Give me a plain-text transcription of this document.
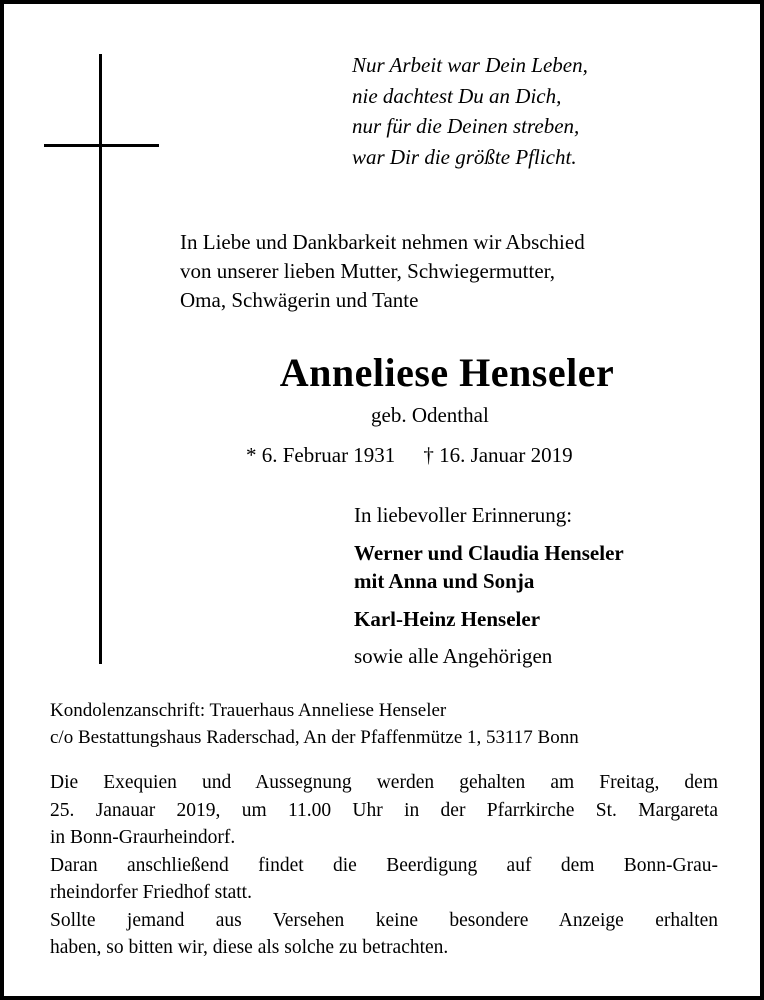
Nur Arbeit war Dein Leben,
nie dachtest Du an Dich,
nur für die Deinen streben,
war Dir die größte Pflicht.
In Liebe und Dankbarkeit nehmen wir Abschied
von unserer lieben Mutter, Schwiegermutter,
Oma, Schwägerin und Tante
Anneliese Henseler
geb. Odenthal
* 6. Februar 1931 † 16. Januar 2019
In liebevoller Erinnerung:
Werner und Claudia Henseler
mit Anna und Sonja
Karl-Heinz Henseler
sowie alle Angehörigen
Kondolenzanschrift: Trauerhaus Anneliese Henseler
c/o Bestattungshaus Raderschad, An der Pfaffenmütze 1, 53117 Bonn
Die Exequien und Aussegnung werden gehalten am Freitag, dem
25. Janauar 2019, um 11.00 Uhr in der Pfarrkirche St. Margareta
in Bonn-Graurheindorf.
Daran anschließend findet die Beerdigung auf dem Bonn-Grau-
rheindorfer Friedhof statt.
Sollte jemand aus Versehen keine besondere Anzeige erhalten
haben, so bitten wir, diese als solche zu betrachten.
